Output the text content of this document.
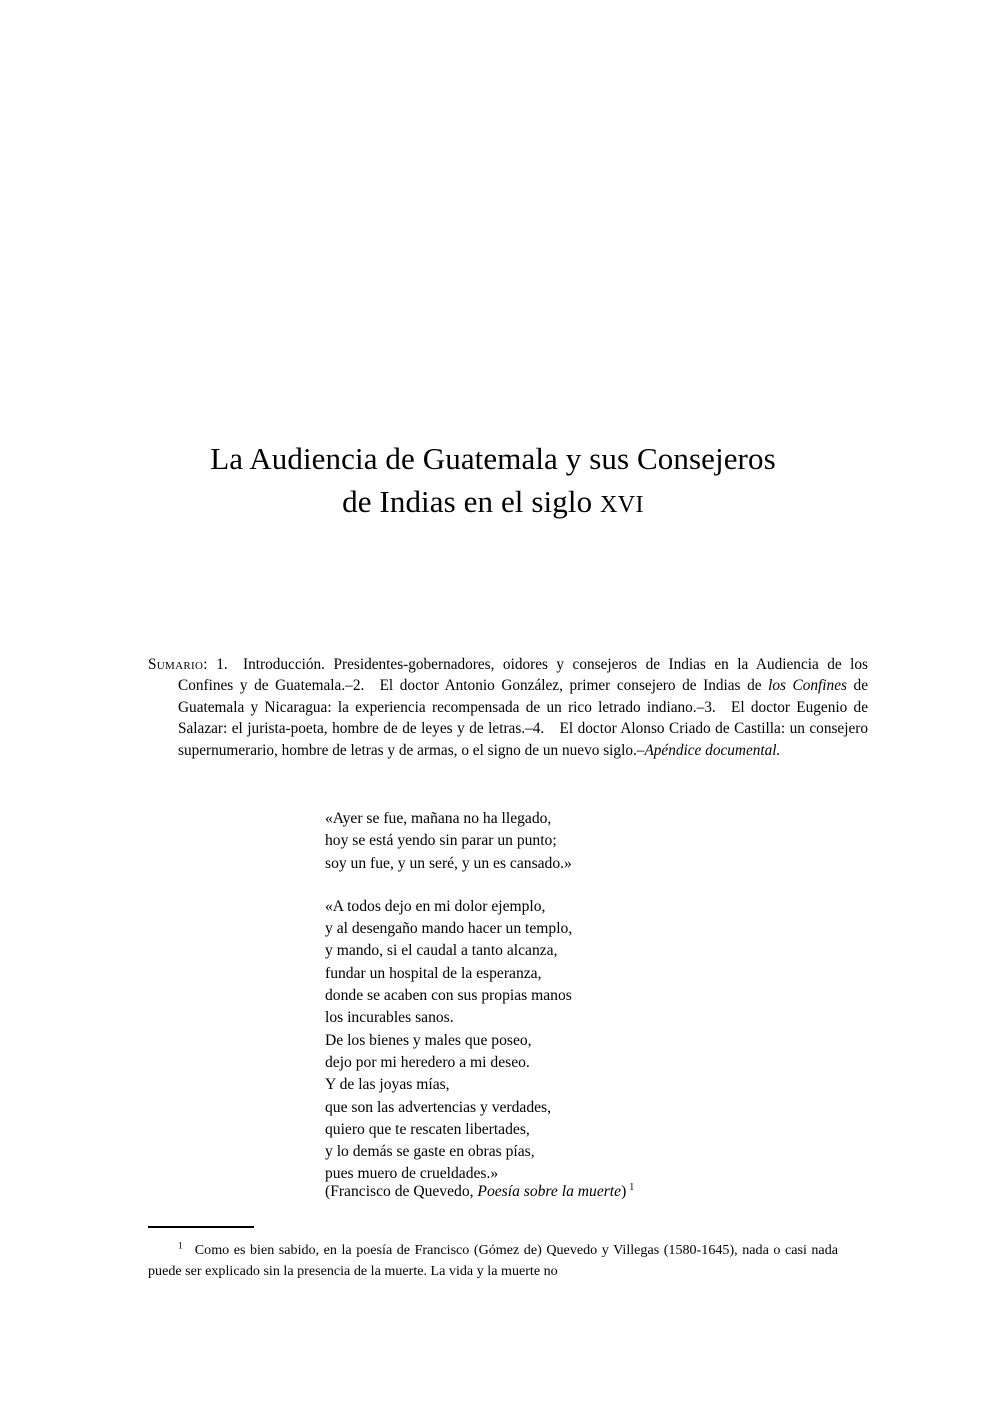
La Audiencia de Guatemala y sus Consejeros
de Indias en el siglo XVI
Sumario: 1. Introducción. Presidentes-gobernadores, oidores y consejeros de Indias en la Audiencia de los Confines y de Guatemala.–2. El doctor Antonio González, primer consejero de Indias de los Confines de Guatemala y Nicaragua: la experiencia recompensada de un rico letrado indiano.–3. El doctor Eugenio de Salazar: el jurista-poeta, hombre de de leyes y de letras.–4. El doctor Alonso Criado de Castilla: un consejero supernumerario, hombre de letras y de armas, o el signo de un nuevo siglo.–Apéndice documental.
«Ayer se fue, mañana no ha llegado,
hoy se está yendo sin parar un punto;
soy un fue, y un seré, y un es cansado.»
«A todos dejo en mi dolor ejemplo,
y al desengaño mando hacer un templo,
y mando, si el caudal a tanto alcanza,
fundar un hospital de la esperanza,
donde se acaben con sus propias manos
los incurables sanos.
De los bienes y males que poseo,
dejo por mi heredero a mi deseo.
Y de las joyas mías,
que son las advertencias y verdades,
quiero que te rescaten libertades,
y lo demás se gaste en obras pías,
pues muero de crueldades.»
(Francisco de Quevedo, Poesía sobre la muerte) $^1$
$^1$ Como es bien sabido, en la poesía de Francisco (Gómez de) Quevedo y Villegas (1580-1645), nada o casi nada puede ser explicado sin la presencia de la muerte. La vida y la muerte no
